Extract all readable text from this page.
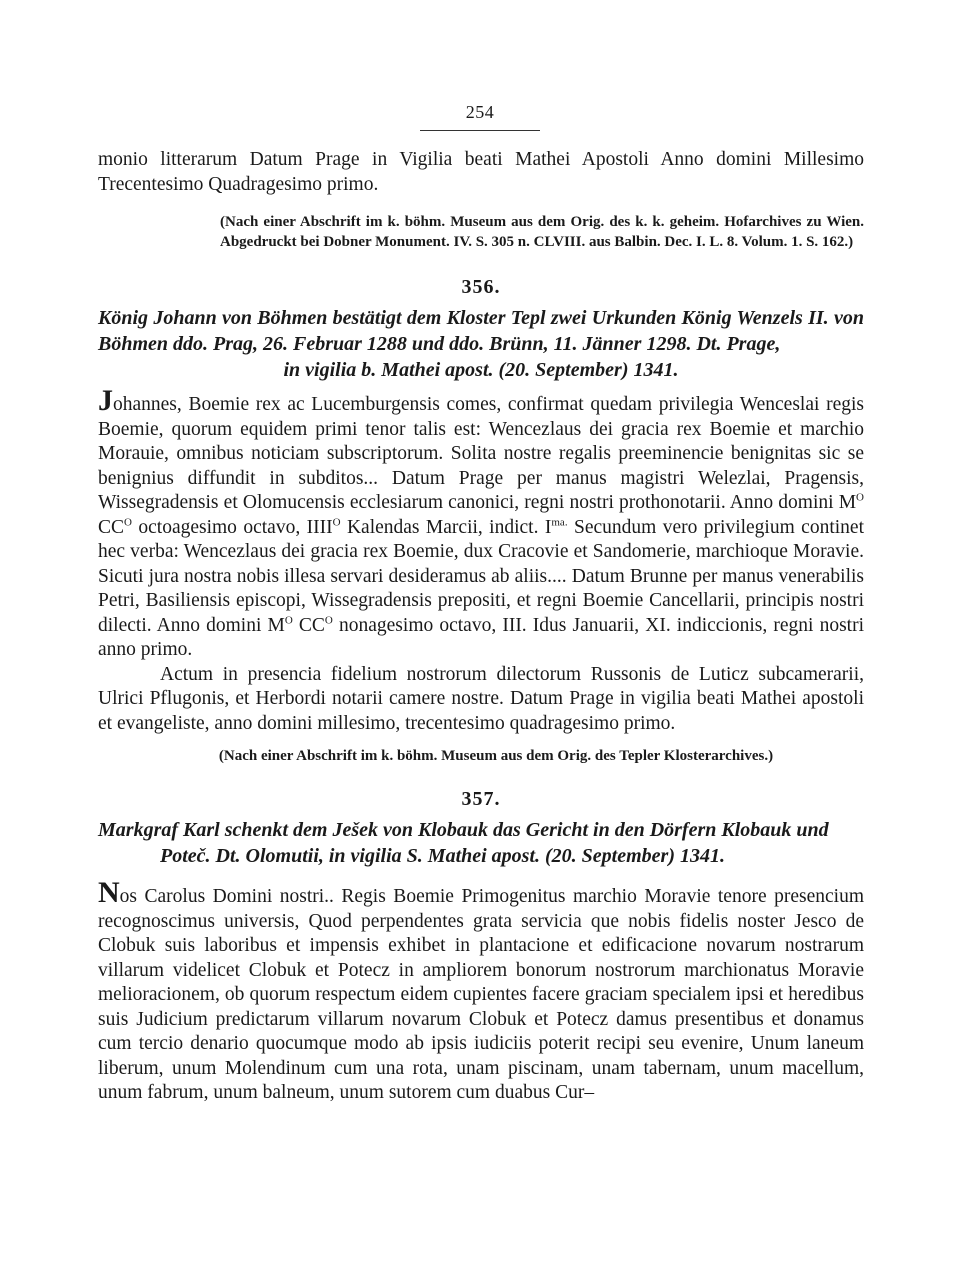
254

monio litterarum Datum Prage in Vigilia beati Mathei Apostoli Anno domini Millesimo Trecentesimo Quadragesimo primo.

(Nach einer Abschrift im k. böhm. Museum aus dem Orig. des k. k. geheim. Hofarchives zu Wien. Abgedruckt bei Dobner Monument. IV. S. 305 n. CLVIII. aus Balbin. Dec. I. L. 8. Volum. 1. S. 162.)

356.

König Johann von Böhmen bestätigt dem Kloster Tepl zwei Urkunden König Wenzels II. von Böhmen ddo. Prag, 26. Februar 1288 und ddo. Brünn, 11. Jänner 1298. Dt. Prage,
in vigilia b. Mathei apost. (20. September) 1341.

Johannes, Boemie rex ac Lucemburgensis comes, confirmat quedam privilegia Wenceslai regis Boemie, quorum equidem primi tenor talis est: Wencezlaus dei gracia rex Boemie et marchio Morauie, omnibus noticiam subscriptorum. Solita nostre regalis preeminencie benignitas sic se benignius diffundit in subditos... Datum Prage per manus magistri Welezlai, Pragensis, Wissegradensis et Olomucensis ecclesiarum canonici, regni nostri prothonotarii. Anno domini $M^O$ $CC^O$ octoagesimo octavo, $IIII^O$ Kalendas Marcii, indict. $I^{ma.}$ Secundum vero privilegium continet hec verba: Wencezlaus dei gracia rex Boemie, dux Cracovie et Sandomerie, marchioque Moravie. Sicuti jura nostra nobis illesa servari desideramus ab aliis.... Datum Brunne per manus venerabilis Petri, Basiliensis episcopi, Wissegradensis prepositi, et regni Boemie Cancellarii, principis nostri dilecti. Anno domini $M^O$ $CC^O$ nonagesimo octavo, III. Idus Januarii, XI. indiccionis, regni nostri anno primo.

Actum in presencia fidelium nostrorum dilectorum Russonis de Luticz subcamerarii, Ulrici Pflugonis, et Herbordi notarii camere nostre. Datum Prage in vigilia beati Mathei apostoli et evangeliste, anno domini millesimo, trecentesimo quadragesimo primo.

(Nach einer Abschrift im k. böhm. Museum aus dem Orig. des Tepler Klosterarchives.)

357.

Markgraf Karl schenkt dem Ješek von Klobauk das Gericht in den Dörfern Klobauk und
Poteč. Dt. Olomutii, in vigilia S. Mathei apost. (20. September) 1341.

Nos Carolus Domini nostri.. Regis Boemie Primogenitus marchio Moravie tenore presencium recognoscimus universis, Quod perpendentes grata servicia que nobis fidelis noster Jesco de Clobuk suis laboribus et impensis exhibet in plantacione et edificacione novarum nostrarum villarum videlicet Clobuk et Potecz in ampliorem bonorum nostrorum marchionatus Moravie melioracionem, ob quorum respectum eidem cupientes facere graciam specialem ipsi et heredibus suis Judicium predictarum villarum novarum Clobuk et Potecz damus presentibus et donamus cum tercio denario quocumque modo ab ipsis iudiciis poterit recipi seu evenire, Unum laneum liberum, unum Molendinum cum una rota, unam piscinam, unam tabernam, unum macellum, unum fabrum, unum balneum, unum sutorem cum duabus Cur–
